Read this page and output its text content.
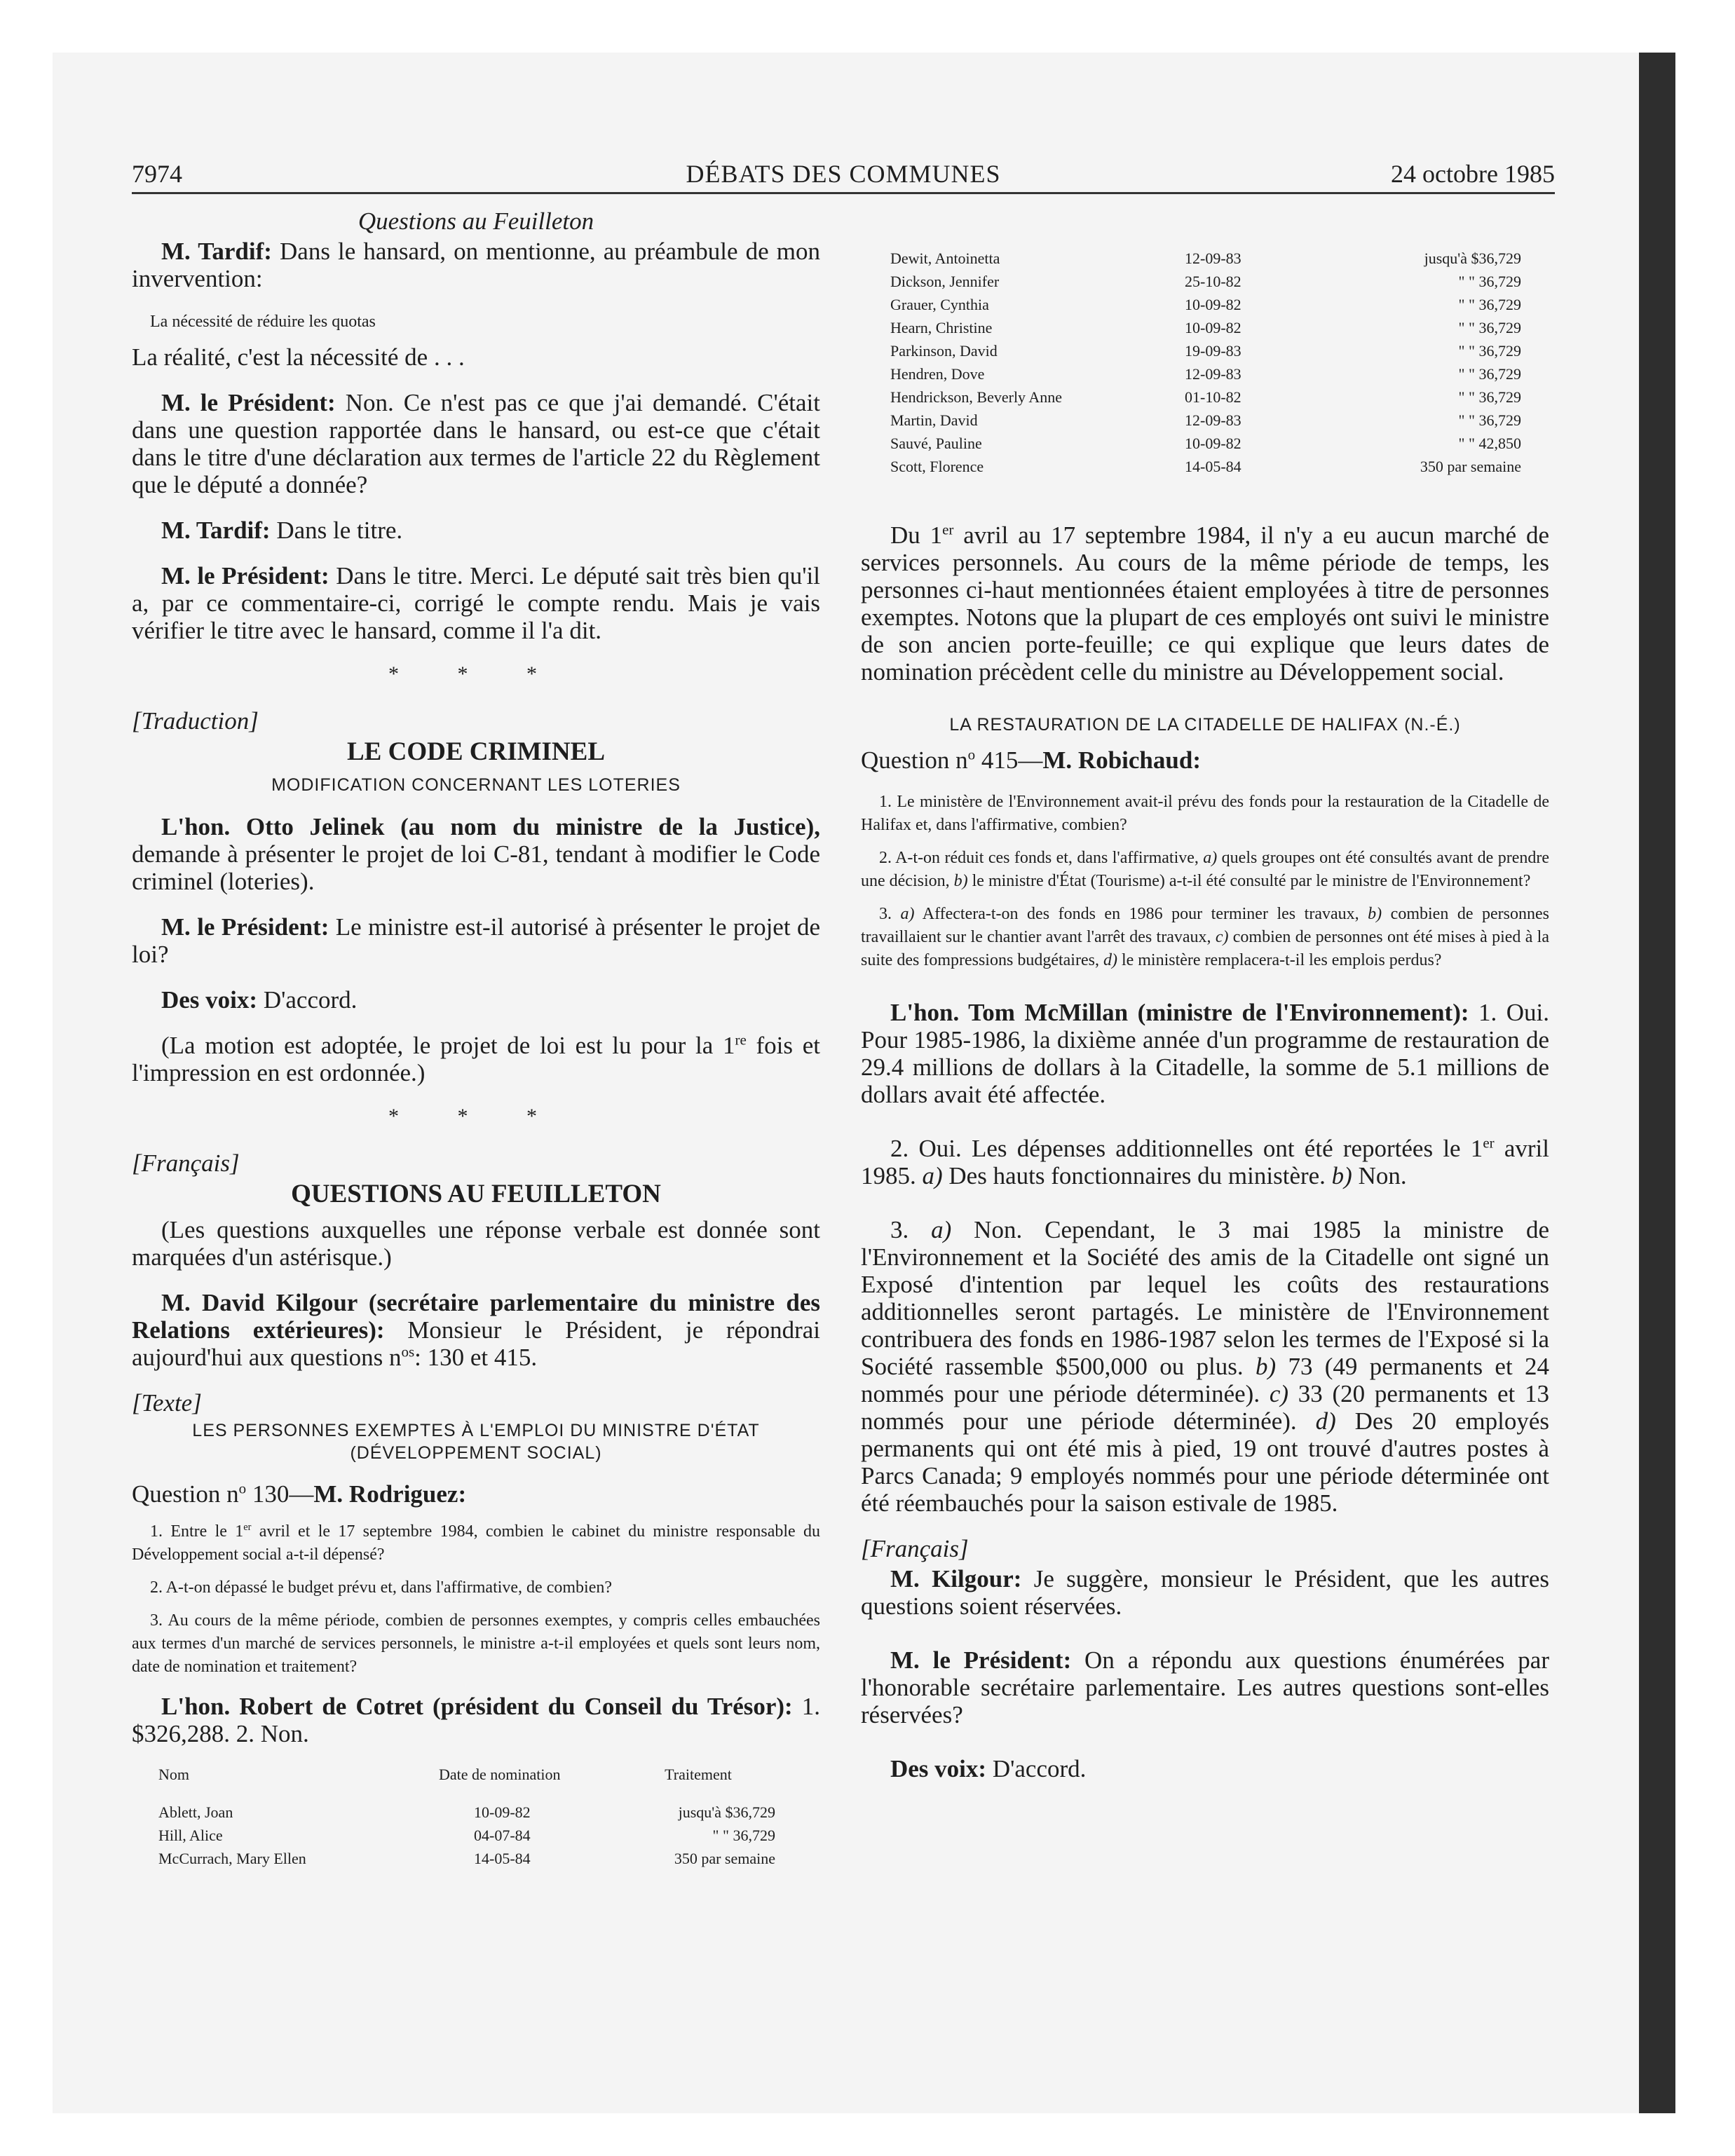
7974	DÉBATS DES COMMUNES	24 octobre 1985
Questions au Feuilleton

M. Tardif: Dans le hansard, on mentionne, au préambule de mon invervention:

La nécessité de réduire les quotas

La réalité, c'est la nécessité de . . .

M. le Président: Non. Ce n'est pas ce que j'ai demandé. C'était dans une question rapportée dans le hansard, ou est-ce que c'était dans le titre d'une déclaration aux termes de l'article 22 du Règlement que le député a donnée?

M. Tardif: Dans le titre.

M. le Président: Dans le titre. Merci. Le député sait très bien qu'il a, par ce commentaire-ci, corrigé le compte rendu. Mais je vais vérifier le titre avec le hansard, comme il l'a dit.

* * *
[Traduction]
LE CODE CRIMINEL
MODIFICATION CONCERNANT LES LOTERIES

L'hon. Otto Jelinek (au nom du ministre de la Justice), demande à présenter le projet de loi C-81, tendant à modifier le Code criminel (loteries).

M. le Président: Le ministre est-il autorisé à présenter le projet de loi?

Des voix: D'accord.

(La motion est adoptée, le projet de loi est lu pour la 1re fois et l'impression en est ordonnée.)

* * *
[Français]
QUESTIONS AU FEUILLETON

(Les questions auxquelles une réponse verbale est donnée sont marquées d'un astérisque.)

M. David Kilgour (secrétaire parlementaire du ministre des Relations extérieures): Monsieur le Président, je répondrai aujourd'hui aux questions $n^{os}$: 130 et 415.

[Texte]
LES PERSONNES EXEMPTES À L'EMPLOI DU MINISTRE D'ÉTAT
(DÉVELOPPEMENT SOCIAL)
Question $n^o$ 130—M. Rodriguez:

1. Entre le 1er avril et le 17 septembre 1984, combien le cabinet du ministre responsable du Développement social a-t-il dépensé?

2. A-t-on dépassé le budget prévu et, dans l'affirmative, de combien?

3. Au cours de la même période, combien de personnes exemptes, y compris celles embauchées aux termes d'un marché de services personnels, le ministre a-t-il employées et quels sont leurs nom, date de nomination et traitement?

L'hon. Robert de Cotret (président du Conseil du Trésor): 1. $326,288. 2. Non.

Nom	Date de nomination	Traitement
Ablett, Joan	10-09-82	jusqu'à $36,729
Hill, Alice	04-07-84	" " 36,729
McCurrach, Mary Ellen	14-05-84	350 par semaine
Dewit, Antoinetta	12-09-83	jusqu'à $36,729
Dickson, Jennifer	25-10-82	" " 36,729
Grauer, Cynthia	10-09-82	" " 36,729
Hearn, Christine	10-09-82	" " 36,729
Parkinson, David	19-09-83	" " 36,729
Hendren, Dove	12-09-83	" " 36,729
Hendrickson, Beverly Anne	01-10-82	" " 36,729
Martin, David	12-09-83	" " 36,729
Sauvé, Pauline	10-09-82	" " 42,850
Scott, Florence	14-05-84	350 par semaine

Du 1er avril au 17 septembre 1984, il n'y a eu aucun marché de services personnels. Au cours de la même période de temps, les personnes ci-haut mentionnées étaient employées à titre de personnes exemptes. Notons que la plupart de ces employés ont suivi le ministre de son ancien porte-feuille; ce qui explique que leurs dates de nomination précèdent celle du ministre au Développement social.

LA RESTAURATION DE LA CITADELLE DE HALIFAX (N.-É.)
Question $n^o$ 415—M. Robichaud:

1. Le ministère de l'Environnement avait-il prévu des fonds pour la restauration de la Citadelle de Halifax et, dans l'affirmative, combien?

2. A-t-on réduit ces fonds et, dans l'affirmative, a) quels groupes ont été consultés avant de prendre une décision, b) le ministre d'État (Tourisme) a-t-il été consulté par le ministre de l'Environnement?

3. a) Affectera-t-on des fonds en 1986 pour terminer les travaux, b) combien de personnes travaillaient sur le chantier avant l'arrêt des travaux, c) combien de personnes ont été mises à pied à la suite des fompressions budgétaires, d) le ministère remplacera-t-il les emplois perdus?

L'hon. Tom McMillan (ministre de l'Environnement): 1. Oui. Pour 1985-1986, la dixième année d'un programme de restauration de 29.4 millions de dollars à la Citadelle, la somme de 5.1 millions de dollars avait été affectée.

2. Oui. Les dépenses additionnelles ont été reportées le 1er avril 1985. a) Des hauts fonctionnaires du ministère. b) Non.

3. a) Non. Cependant, le 3 mai 1985 la ministre de l'Environnement et la Société des amis de la Citadelle ont signé un Exposé d'intention par lequel les coûts des restaurations additionnelles seront partagés. Le ministère de l'Environnement contribuera des fonds en 1986-1987 selon les termes de l'Exposé si la Société rassemble $500,000 ou plus. b) 73 (49 permanents et 24 nommés pour une période déterminée). c) 33 (20 permanents et 13 nommés pour une période déterminée). d) Des 20 employés permanents qui ont été mis à pied, 19 ont trouvé d'autres postes à Parcs Canada; 9 employés nommés pour une période déterminée ont été réembauchés pour la saison estivale de 1985.

[Français]

M. Kilgour: Je suggère, monsieur le Président, que les autres questions soient réservées.

M. le Président: On a répondu aux questions énumérées par l'honorable secrétaire parlementaire. Les autres questions sont-elles réservées?

Des voix: D'accord.
